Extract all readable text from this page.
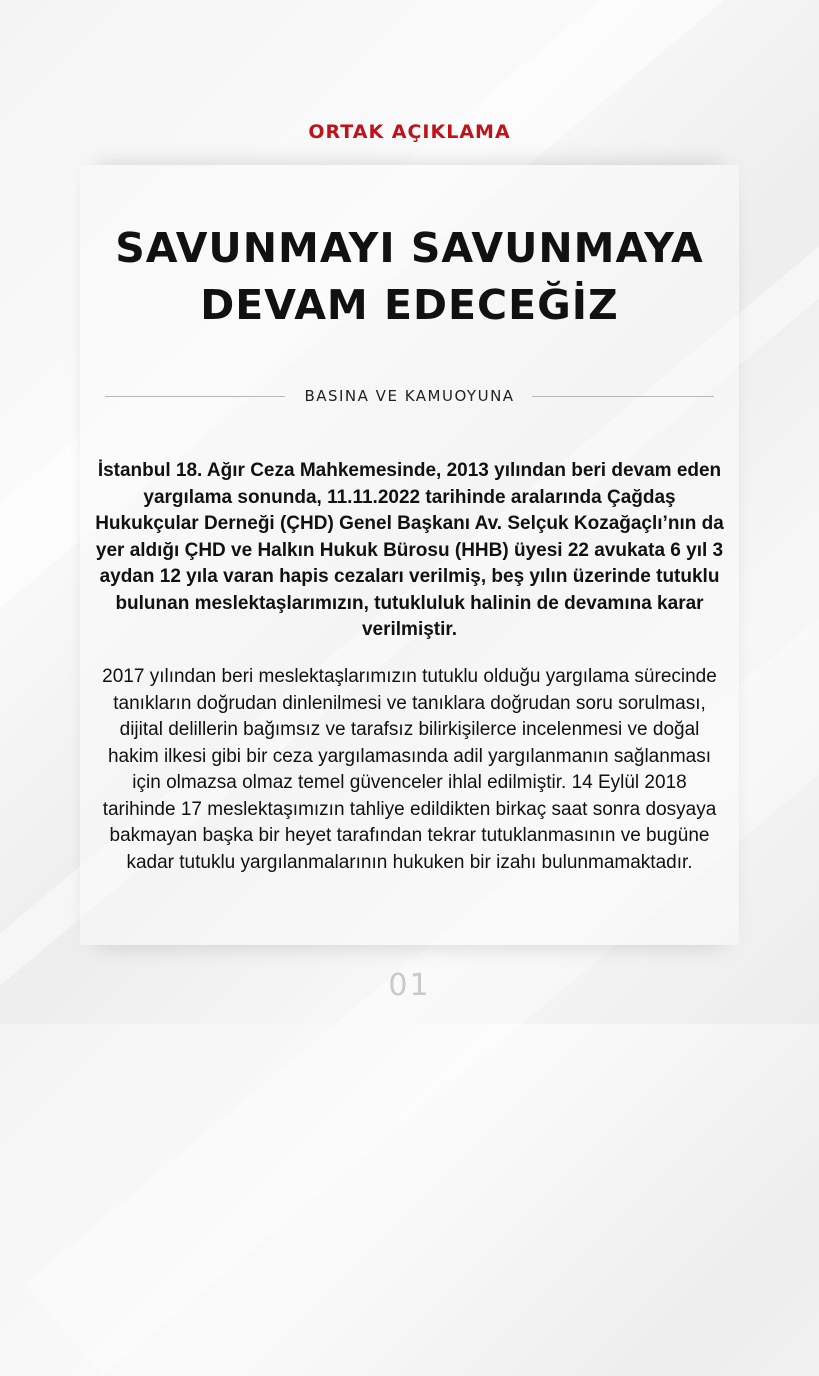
ORTAK AÇIKLAMA
SAVUNMAYI SAVUNMAYA
DEVAM EDECEĞİZ
BASINA VE KAMUOYUNA
İstanbul 18. Ağır Ceza Mahkemesinde, 2013 yılından beri devam eden yargılama sonunda, 11.11.2022 tarihinde aralarında Çağdaş Hukukçular Derneği (ÇHD) Genel Başkanı Av. Selçuk Kozağaçlı’nın da yer aldığı ÇHD ve Halkın Hukuk Bürosu (HHB) üyesi 22 avukata 6 yıl 3 aydan 12 yıla varan hapis cezaları verilmiş, beş yılın üzerinde tutuklu bulunan meslektaşlarımızın, tutukluluk halinin de devamına karar verilmiştir.
2017 yılından beri meslektaşlarımızın tutuklu olduğu yargılama sürecinde tanıkların doğrudan dinlenilmesi ve tanıklara doğrudan soru sorulması, dijital delillerin bağımsız ve tarafsız bilirkişilerce incelenmesi ve doğal hakim ilkesi gibi bir ceza yargılamasında adil yargılanmanın sağlanması için olmazsa olmaz temel güvenceler ihlal edilmiştir. 14 Eylül 2018 tarihinde 17 meslektaşımızın tahliye edildikten birkaç saat sonra dosyaya bakmayan başka bir heyet tarafından tekrar tutuklanmasının ve bugüne kadar tutuklu yargılanmalarının hukuken bir izahı bulunmamaktadır.
01
